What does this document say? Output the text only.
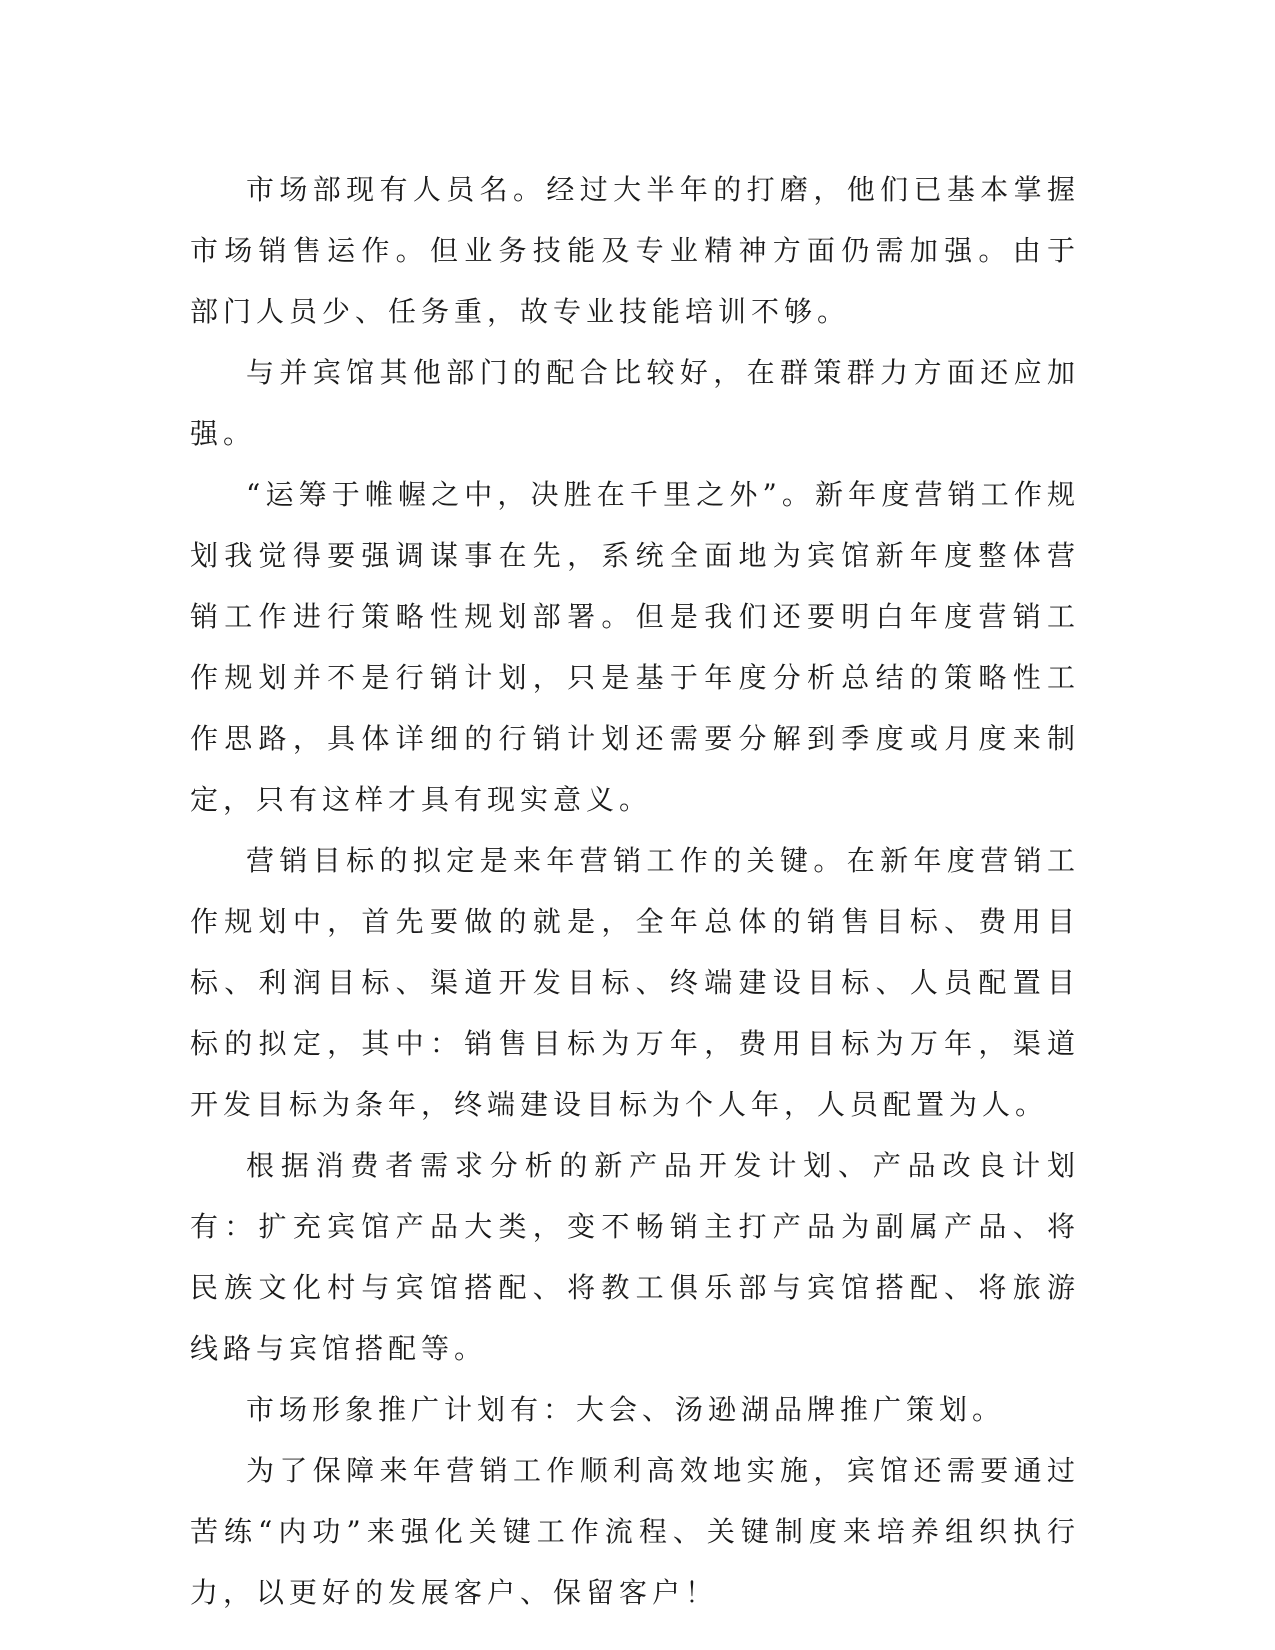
市场部现有人员名。经过大半年的打磨，他们已基本掌握市场销售运作。但业务技能及专业精神方面仍需加强。由于部门人员少、任务重，故专业技能培训不够。

与并宾馆其他部门的配合比较好，在群策群力方面还应加强。

“运筹于帷幄之中，决胜在千里之外”。新年度营销工作规划我觉得要强调谋事在先，系统全面地为宾馆新年度整体营销工作进行策略性规划部署。但是我们还要明白年度营销工作规划并不是行销计划，只是基于年度分析总结的策略性工作思路，具体详细的行销计划还需要分解到季度或月度来制定，只有这样才具有现实意义。

营销目标的拟定是来年营销工作的关键。在新年度营销工作规划中，首先要做的就是，全年总体的销售目标、费用目标、利润目标、渠道开发目标、终端建设目标、人员配置目标的拟定，其中：销售目标为万年，费用目标为万年，渠道开发目标为条年，终端建设目标为个人年，人员配置为人。

根据消费者需求分析的新产品开发计划、产品改良计划有：扩充宾馆产品大类，变不畅销主打产品为副属产品、将民族文化村与宾馆搭配、将教工俱乐部与宾馆搭配、将旅游线路与宾馆搭配等。

市场形象推广计划有：大会、汤逊湖品牌推广策划。

为了保障来年营销工作顺利高效地实施，宾馆还需要通过苦练“内功”来强化关键工作流程、关键制度来培养组织执行力，以更好的发展客户、保留客户！
